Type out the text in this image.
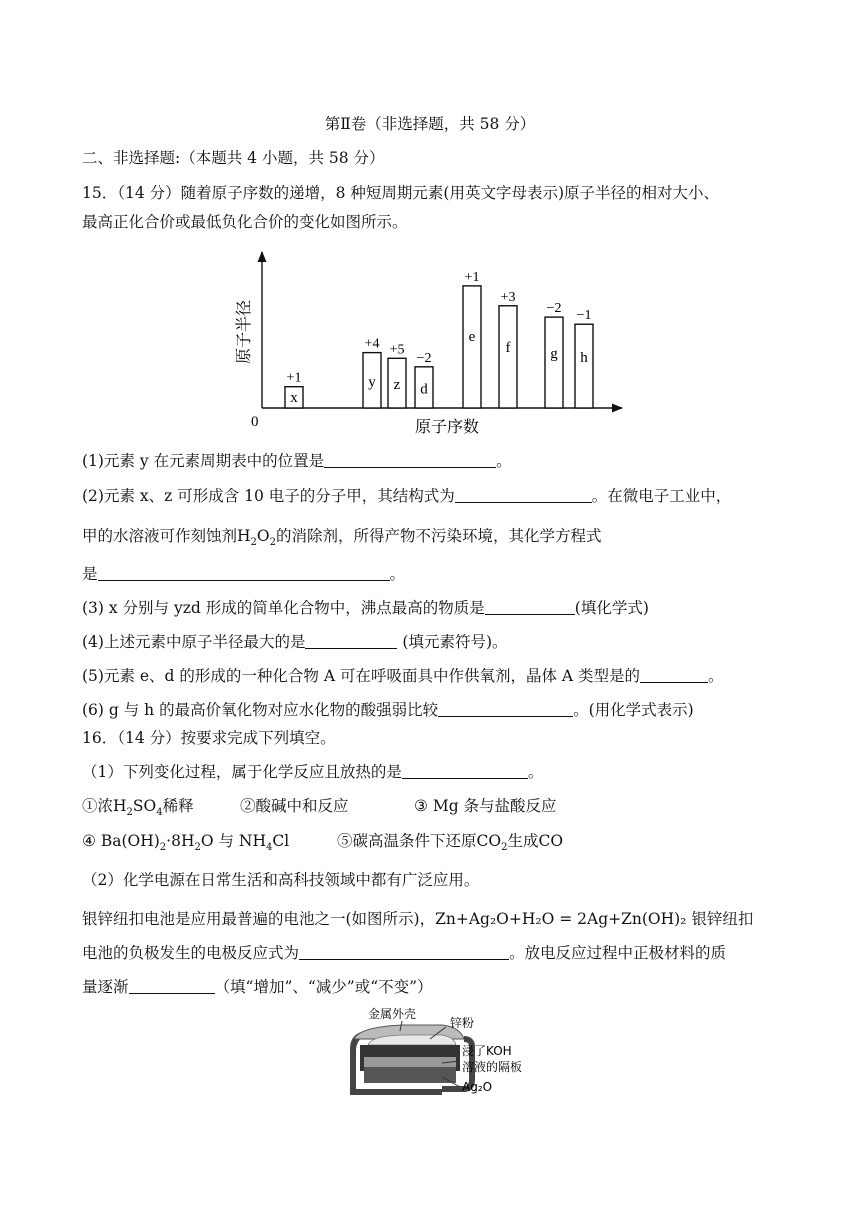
第Ⅱ卷（非选择题，共 58 分）
二、非选择题:（本题共 4 小题，共 58 分）
15．（14 分）随着原子序数的递增，8 种短周期元素(用英文字母表示)原子半径的相对大小、
最高正化合价或最低负化合价的变化如图所示。
0	原子序数
原子半径
x
+1	y
+4
z
+5
d
−2
e
+1
f
+3
g
−2
h
−1
(1)元素 y 在元素周期表中的位置是	。
(2)元素 x、z 可形成含 10 电子的分子甲，其结构式为	。在微电子工业中，
甲的水溶液可作刻蚀剂$H_2O_2$的消除剂，所得产物不污染环境，其化学方程式
是	。
(3) x 分别与 yzd 形成的简单化合物中，沸点最高的物质是	(填化学式)
(4)上述元素中原子半径最大的是	(填元素符号)。
(5)元素 e、d 的形成的一种化合物 A 可在呼吸面具中作供氧剂，晶体 A 类型是的	。
(6) g 与 h 的最高价氧化物对应水化物的酸强弱比较	。(用化学式表示)
16．（14 分）按要求完成下列填空。
（1）下列变化过程，属于化学反应且放热的是	。
①浓$H_2SO_4$稀释	②酸碱中和反应	③ Mg 条与盐酸反应
④ $Ba(OH)_2\cdot 8H_2O$ 与 $NH_4Cl$	⑤碳高温条件下还原$CO_2$生成CO
（2）化学电源在日常生活和高科技领域中都有广泛应用。
银锌纽扣电池是应用最普遍的电池之一(如图所示)，Zn+Ag₂O+H₂O = 2Ag+Zn(OH)₂ 银锌纽扣
电池的负极发生的电极反应式为	。放电反应过程中正极材料的质
量逐渐	（填“增加”、“减少”或“不变”）
金属外壳
锌粉
浸了KOH
溶液的隔板
Ag₂O
